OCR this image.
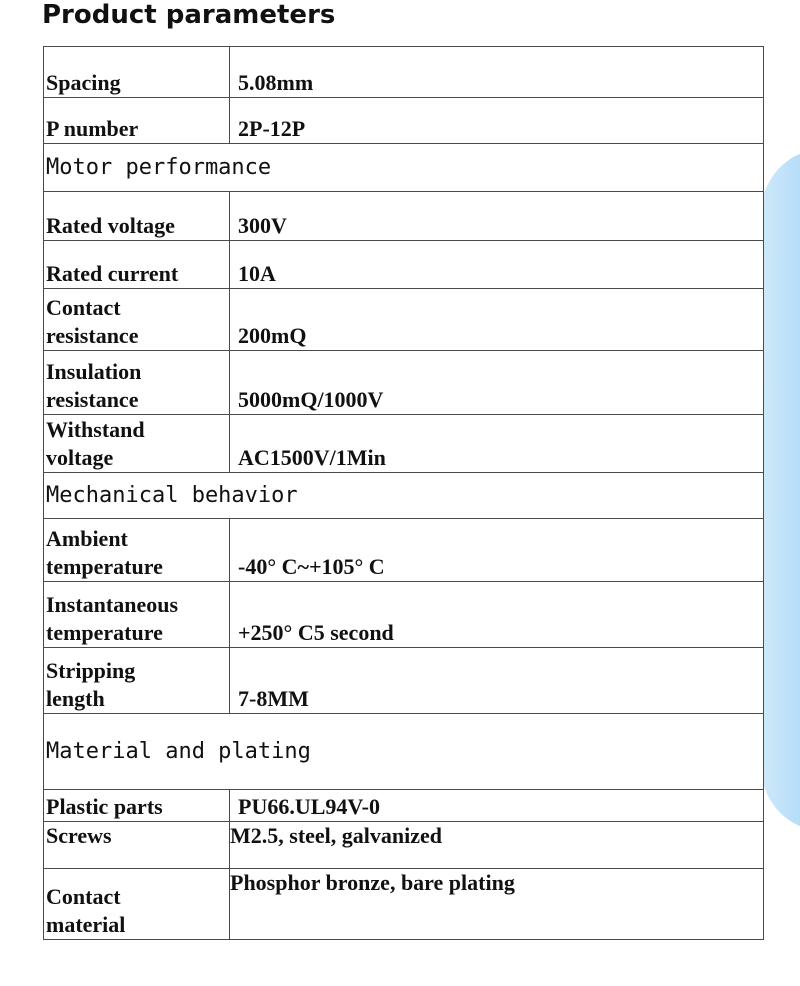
Product parameters
Spacing	5.08mm
P number	2P-12P
Motor performance	
Rated voltage	300V
Rated current	10A

Contact
resistance	200mQ

Insulation
resistance	5000mQ/1000V

Withstand
voltage	AC1500V/1Min
Mechanical behavior	

Ambient
temperature	-40° C~+105° C

Instantaneous
temperature	+250° C5 second

Stripping
length	7-8MM
Material and plating	
Plastic parts	PU66.UL94V-0
Screws	M2.5, steel, galvanized

Contact
material	Phosphor bronze, bare plating
